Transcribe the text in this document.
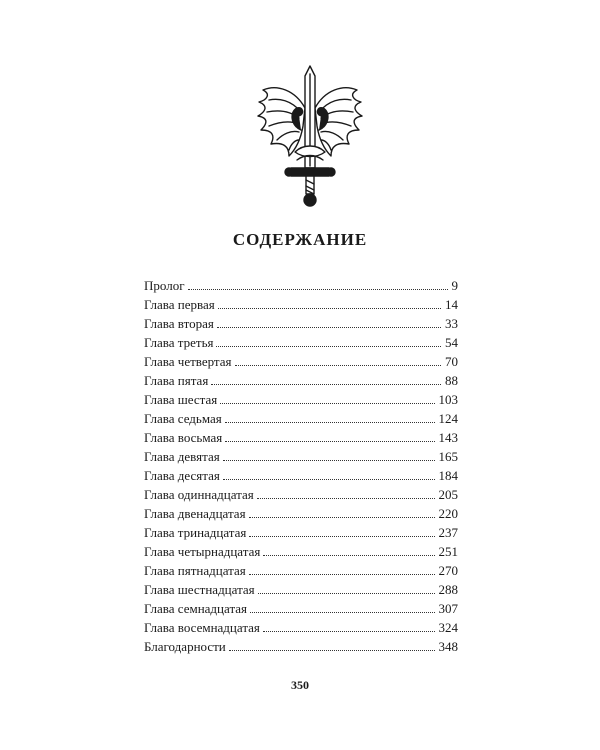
СОДЕРЖАНИЕ
Пролог	9
Глава первая	14
Глава вторая	33
Глава третья	54
Глава четвертая	70
Глава пятая	88
Глава шестая	103
Глава седьмая	124
Глава восьмая	143
Глава девятая	165
Глава десятая	184
Глава одиннадцатая	205
Глава двенадцатая	220
Глава тринадцатая	237
Глава четырнадцатая	251
Глава пятнадцатая	270
Глава шестнадцатая	288
Глава семнадцатая	307
Глава восемнадцатая	324
Благодарности	348
350
